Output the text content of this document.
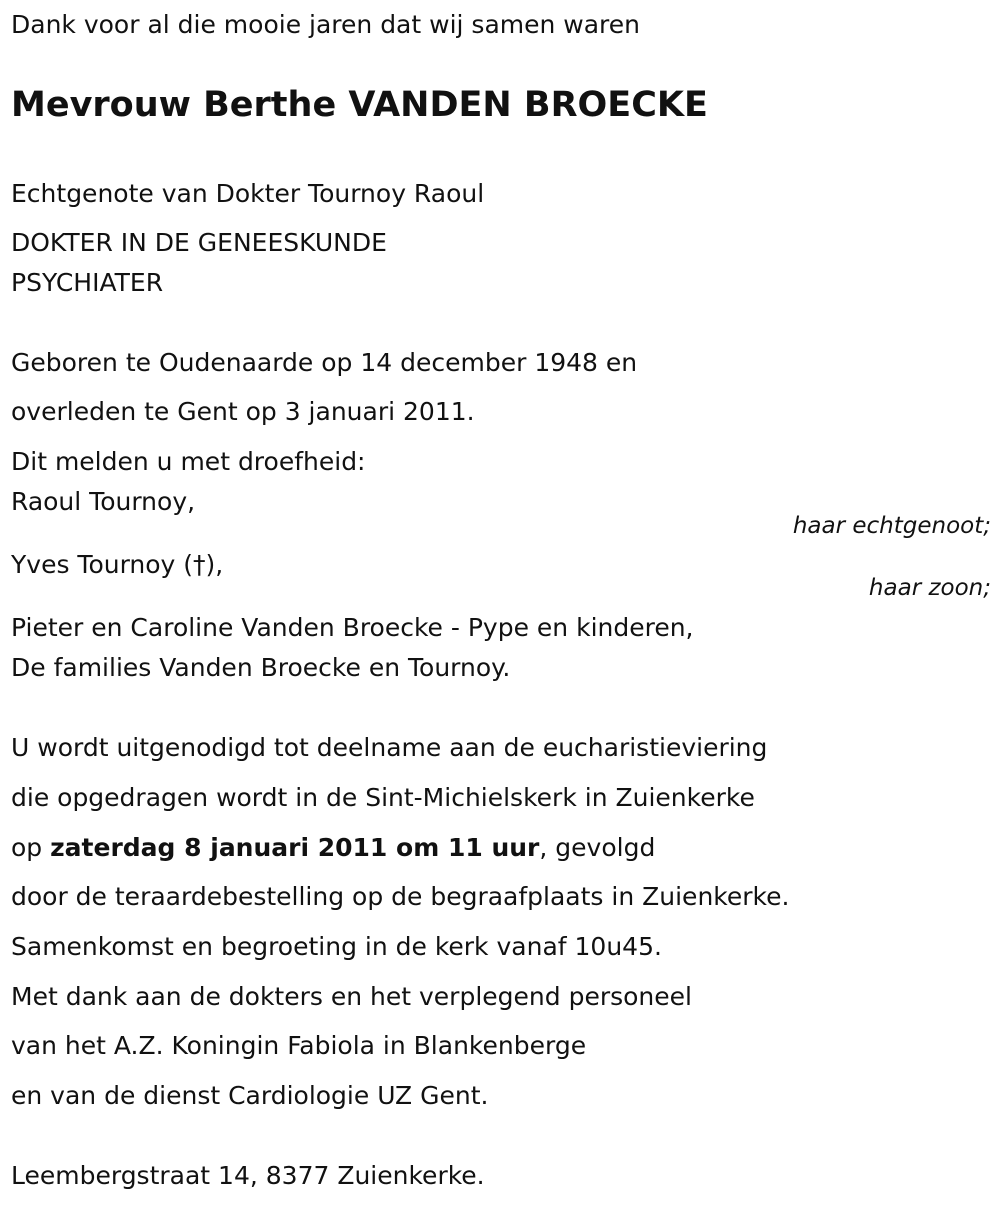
Dank voor al die mooie jaren dat wij samen waren
Mevrouw Berthe VANDEN BROECKE
Echtgenote van Dokter Tournoy Raoul
DOKTER IN DE GENEESKUNDE
PSYCHIATER
Geboren te Oudenaarde op 14 december 1948 en
overleden te Gent op 3 januari 2011.
Dit melden u met droefheid:
Raoul Tournoy,
haar echtgenoot;
Yves Tournoy (†),
haar zoon;
Pieter en Caroline Vanden Broecke - Pype en kinderen,
De families Vanden Broecke en Tournoy.
U wordt uitgenodigd tot deelname aan de eucharistieviering
die opgedragen wordt in de Sint-Michielskerk in Zuienkerke
op zaterdag 8 januari 2011 om 11 uur, gevolgd
door de teraardebestelling op de begraafplaats in Zuienkerke.
Samenkomst en begroeting in de kerk vanaf 10u45.
Met dank aan de dokters en het verplegend personeel
van het A.Z. Koningin Fabiola in Blankenberge
en van de dienst Cardiologie UZ Gent.
Leembergstraat 14, 8377 Zuienkerke.
